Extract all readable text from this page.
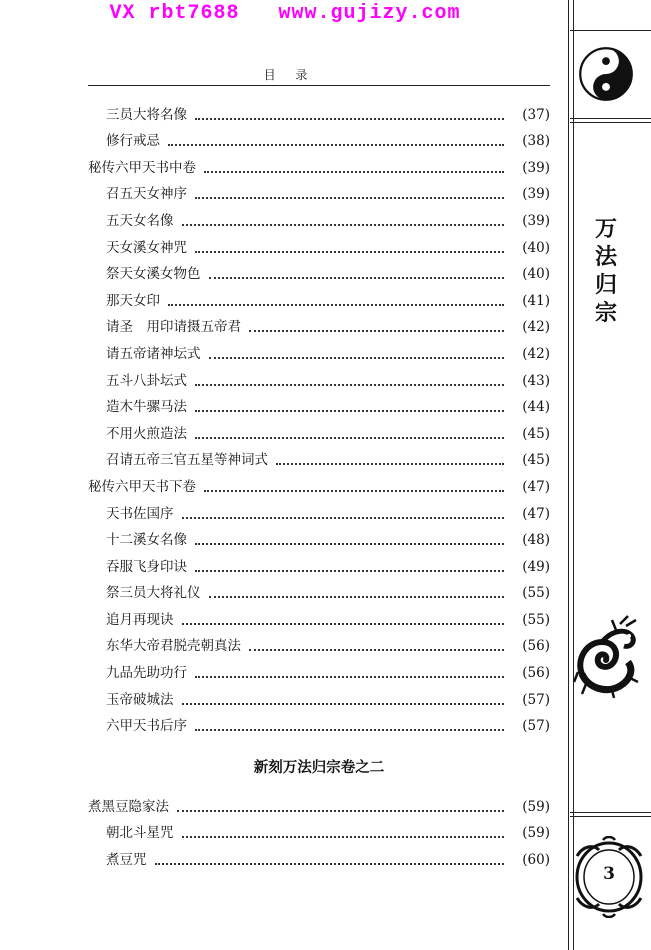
VX rbt7688   www.gujizy.com
目 录
三员大将名像	(37)
修行戒忌	(38)
秘传六甲天书中卷	(39)
召五天女神序	(39)
五天女名像	(39)
天女溪女神咒	(40)
祭天女溪女物色	(40)
那天女印	(41)
请圣　用印请摄五帝君	(42)
请五帝诸神坛式	(42)
五斗八卦坛式	(43)
造木牛骡马法	(44)
不用火煎造法	(45)
召请五帝三官五星等神词式	(45)
秘传六甲天书下卷	(47)
天书佐国序	(47)
十二溪女名像	(48)
吞服飞身印诀	(49)
祭三员大将礼仪	(55)
追月再现诀	(55)
东华大帝君脱壳朝真法	(56)
九品先助功行	(56)
玉帝破城法	(57)
六甲天书后序	(57)
新刻万法归宗卷之二
煮黑豆隐家法	(59)
朝北斗星咒	(59)
煮豆咒	(60)
万
法
归
宗
3
